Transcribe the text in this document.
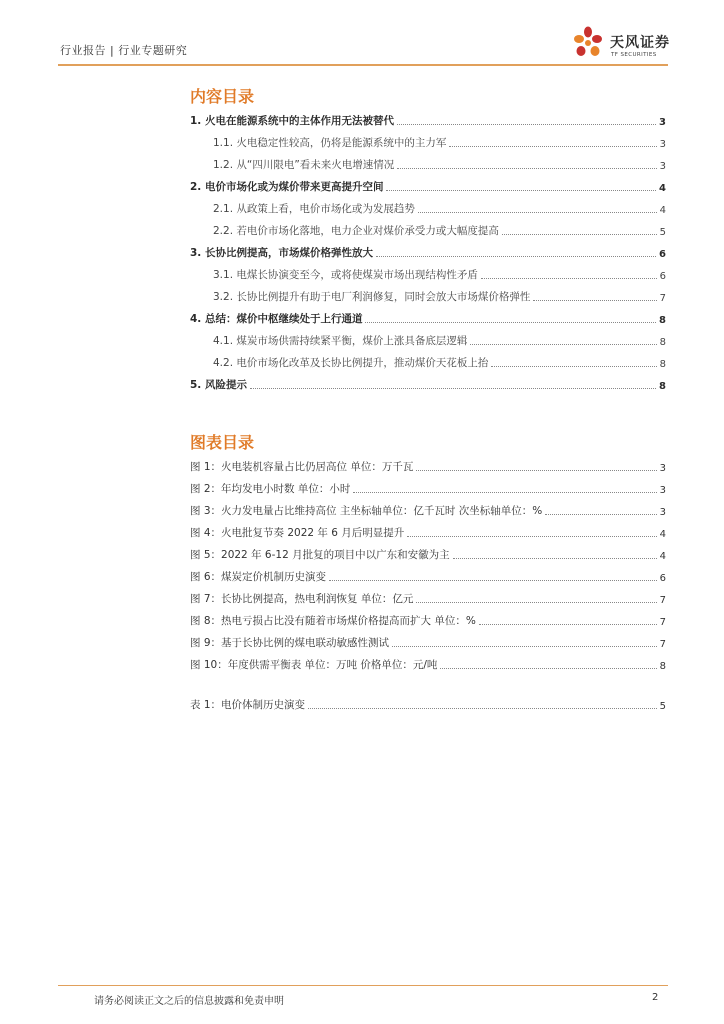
行业报告 | 行业专题研究	天风证券
TF SECURITIES
内容目录
1. 火电在能源系统中的主体作用无法被替代	3
1.1. 火电稳定性较高，仍将是能源系统中的主力军	3
1.2. 从“四川限电”看未来火电增速情况	3
2. 电价市场化或为煤价带来更高提升空间	4
2.1. 从政策上看，电价市场化或为发展趋势	4
2.2. 若电价市场化落地，电力企业对煤价承受力或大幅度提高	5
3. 长协比例提高，市场煤价格弹性放大	6
3.1. 电煤长协演变至今，或将使煤炭市场出现结构性矛盾	6
3.2. 长协比例提升有助于电厂利润修复，同时会放大市场煤价格弹性	7
4. 总结：煤价中枢继续处于上行通道	8
4.1. 煤炭市场供需持续紧平衡，煤价上涨具备底层逻辑	8
4.2. 电价市场化改革及长协比例提升，推动煤价天花板上抬	8
5. 风险提示	8
图表目录
图 1：火电装机容量占比仍居高位 单位：万千瓦	3
图 2：年均发电小时数 单位：小时	3
图 3：火力发电量占比维持高位 主坐标轴单位：亿千瓦时 次坐标轴单位：%	3
图 4：火电批复节奏 2022 年 6 月后明显提升	4
图 5：2022 年 6-12 月批复的项目中以广东和安徽为主	4
图 6：煤炭定价机制历史演变	6
图 7：长协比例提高，热电利润恢复 单位：亿元	7
图 8：热电亏损占比没有随着市场煤价格提高而扩大 单位：%	7
图 9：基于长协比例的煤电联动敏感性测试	7
图 10：年度供需平衡表 单位：万吨 价格单位：元/吨	8
表 1：电价体制历史演变	5
请务必阅读正文之后的信息披露和免责申明	2
